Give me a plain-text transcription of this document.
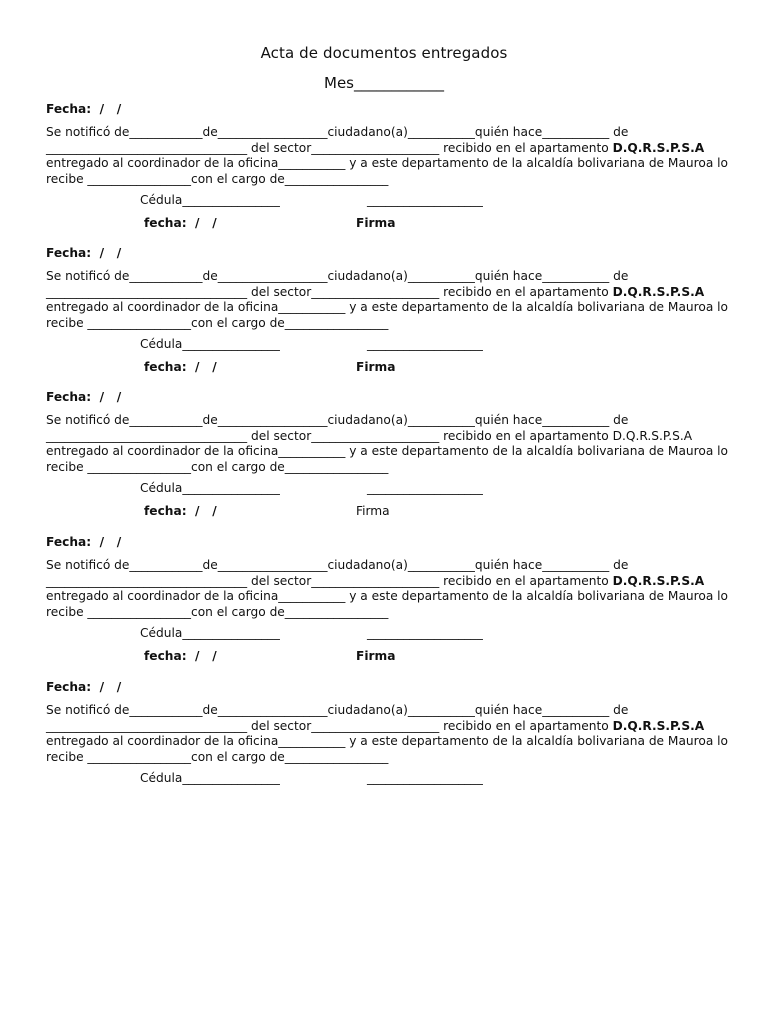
Acta de documentos entregados
Mes____________
Fecha:  /   /
Se notificó de____________de__________________ciudadano(a)___________quién hace___________ de
_________________________________ del sector_____________________ recibido en el apartamento D.Q.R.S.P.S.A
entregado al coordinador de la oficina___________ y a este departamento de la alcaldía bolivariana de Mauroa lo
recibe _________________con el cargo de_________________
Cédula________________	___________________
fecha:  /   /	Firma
Fecha:  /   /
Se notificó de____________de__________________ciudadano(a)___________quién hace___________ de
_________________________________ del sector_____________________ recibido en el apartamento D.Q.R.S.P.S.A
entregado al coordinador de la oficina___________ y a este departamento de la alcaldía bolivariana de Mauroa lo
recibe _________________con el cargo de_________________
Cédula________________	___________________
fecha:  /   /	Firma
Fecha:  /   /
Se notificó de____________de__________________ciudadano(a)___________quién hace___________ de
_________________________________ del sector_____________________ recibido en el apartamento D.Q.R.S.P.S.A
entregado al coordinador de la oficina___________ y a este departamento de la alcaldía bolivariana de Mauroa lo
recibe _________________con el cargo de_________________
Cédula________________	___________________
fecha:  /   /	Firma
Fecha:  /   /
Se notificó de____________de__________________ciudadano(a)___________quién hace___________ de
_________________________________ del sector_____________________ recibido en el apartamento D.Q.R.S.P.S.A
entregado al coordinador de la oficina___________ y a este departamento de la alcaldía bolivariana de Mauroa lo
recibe _________________con el cargo de_________________
Cédula________________	___________________
fecha:  /   /	Firma
Fecha:  /   /
Se notificó de____________de__________________ciudadano(a)___________quién hace___________ de
_________________________________ del sector_____________________ recibido en el apartamento D.Q.R.S.P.S.A
entregado al coordinador de la oficina___________ y a este departamento de la alcaldía bolivariana de Mauroa lo
recibe _________________con el cargo de_________________
Cédula________________	___________________
